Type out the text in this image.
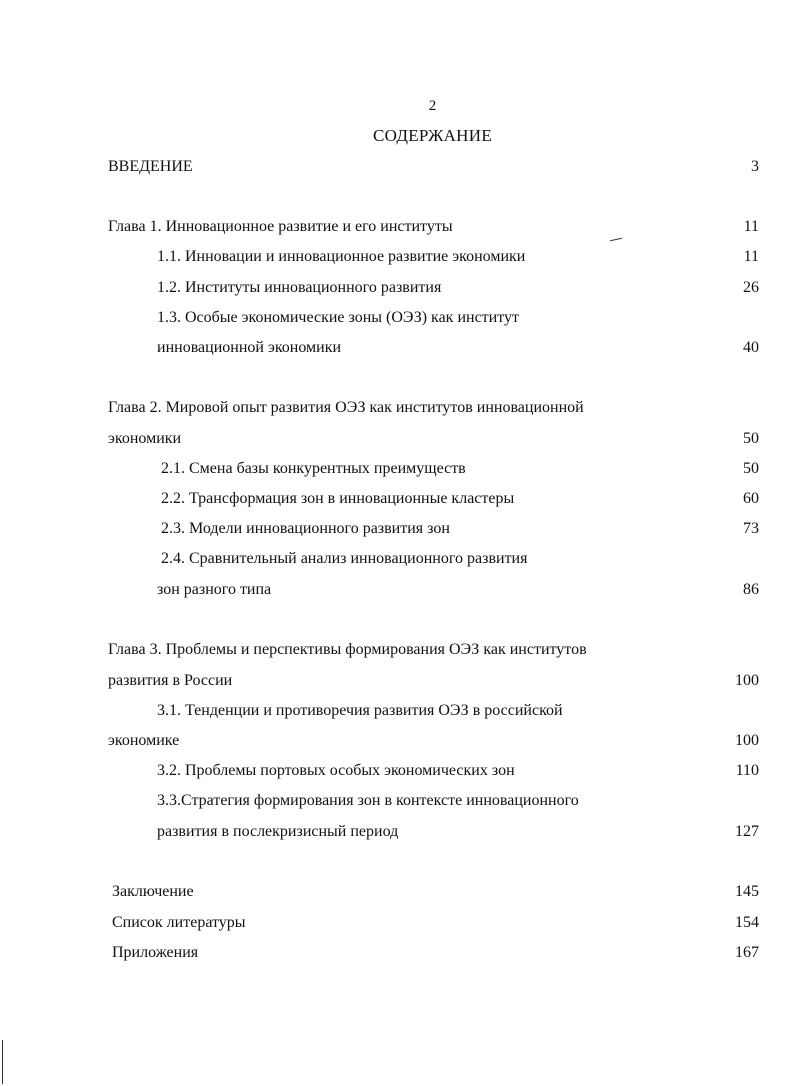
2
СОДЕРЖАНИЕ
ВВЕДЕНИЕ	3
Глава 1. Инновационное развитие и его институты	11
1.1. Инновации и инновационное развитие экономики	11
1.2. Институты инновационного развития	26
1.3. Особые экономические зоны (ОЭЗ) как институт
инновационной экономики	40
Глава 2. Мировой опыт развития ОЭЗ как институтов инновационной
экономики	50
2.1. Смена базы конкурентных преимуществ	50
2.2. Трансформация зон в инновационные кластеры	60
2.3. Модели инновационного развития зон	73
2.4. Сравнительный анализ инновационного развития
зон разного типа	86
Глава 3. Проблемы и перспективы формирования ОЭЗ как институтов
развития в России	100
3.1. Тенденции и противоречия развития ОЭЗ в российской
экономике	100
3.2. Проблемы портовых особых экономических зон	110
3.3.Стратегия формирования зон в контексте инновационного
развития в послекризисный период	127
Заключение	145
Список литературы	154
Приложения	167
